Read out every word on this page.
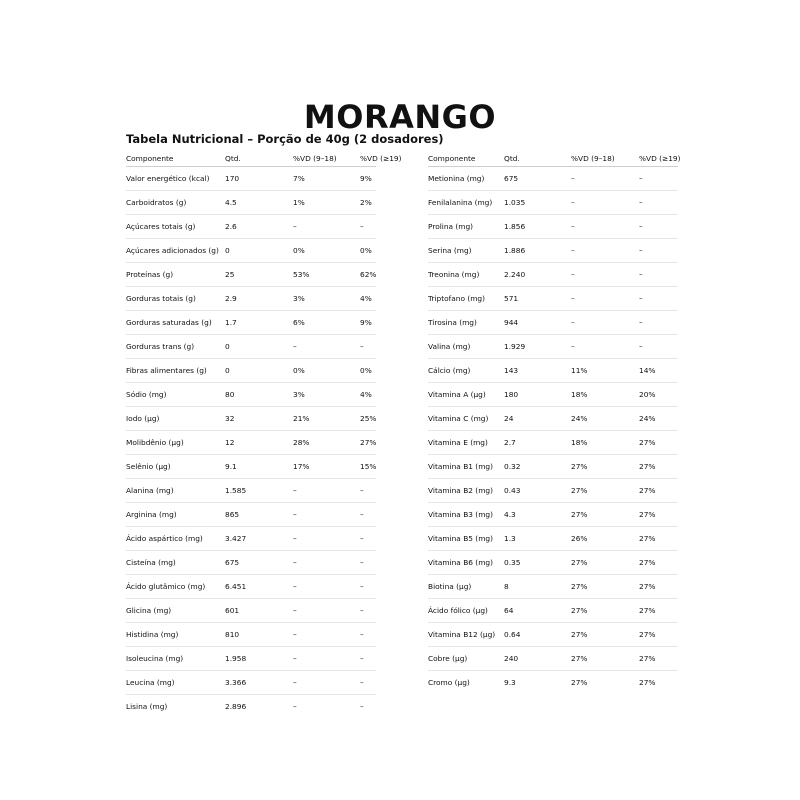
MORANGO
Tabela Nutricional – Porção de 40g (2 dosadores)
Componente	Qtd.	%VD (9–18)	%VD (≥19)
Valor energético (kcal) 170	7%	9%
Carboidratos (g)	4.5	1%	2%
Açúcares totais (g)	2.6	–	–
Açúcares adicionados (g) 0	0%	0%
Proteínas (g)	25	53%	62%
Gorduras totais (g)	2.9	3%	4%
Gorduras saturadas (g) 1.7	6%	9%
Gorduras trans (g)	0	–	–
Fibras alimentares (g) 0	0%	0%
Sódio (mg)	80	3%	4%
Iodo (µg)	32	21%	25%
Molibdênio (µg)	12	28%	27%
Selênio (µg)	9.1	17%	15%
Alanina (mg)	1.585	–	–
Arginina (mg)	865	–	–
Ácido aspártico (mg)	3.427	–	–
Cisteína (mg)	675	–	–
Ácido glutâmico (mg)	6.451	–	–
Glicina (mg)	601	–	–
Histidina (mg)	810	–	–
Isoleucina (mg)	1.958	–	–
Leucina (mg)	3.366	–	–
Lisina (mg)	2.896	–	–
Componente	Qtd.	%VD (9–18)	%VD (≥19)
Metionina (mg)	675	–	–
Fenilalanina (mg) 1.035	–	–
Prolina (mg)	1.856	–	–
Serina (mg)	1.886	–	–
Treonina (mg)	2.240	–	–
Triptofano (mg)	571	–	–
Tirosina (mg)	944	–	–
Valina (mg)	1.929	–	–
Cálcio (mg)	143	11%	14%
Vitamina A (µg) 180	18%	20%
Vitamina C (mg) 24	24%	24%
Vitamina E (mg) 2.7	18%	27%
Vitamina B1 (mg) 0.32	27%	27%
Vitamina B2 (mg) 0.43	27%	27%
Vitamina B3 (mg) 4.3	27%	27%
Vitamina B5 (mg) 1.3	26%	27%
Vitamina B6 (mg) 0.35	27%	27%
Biotina (µg)	8	27%	27%
Ácido fólico (µg) 64	27%	27%
Vitamina B12 (µg) 0.64	27%	27%
Cobre (µg)	240	27%	27%
Cromo (µg)	9.3	27%	27%
